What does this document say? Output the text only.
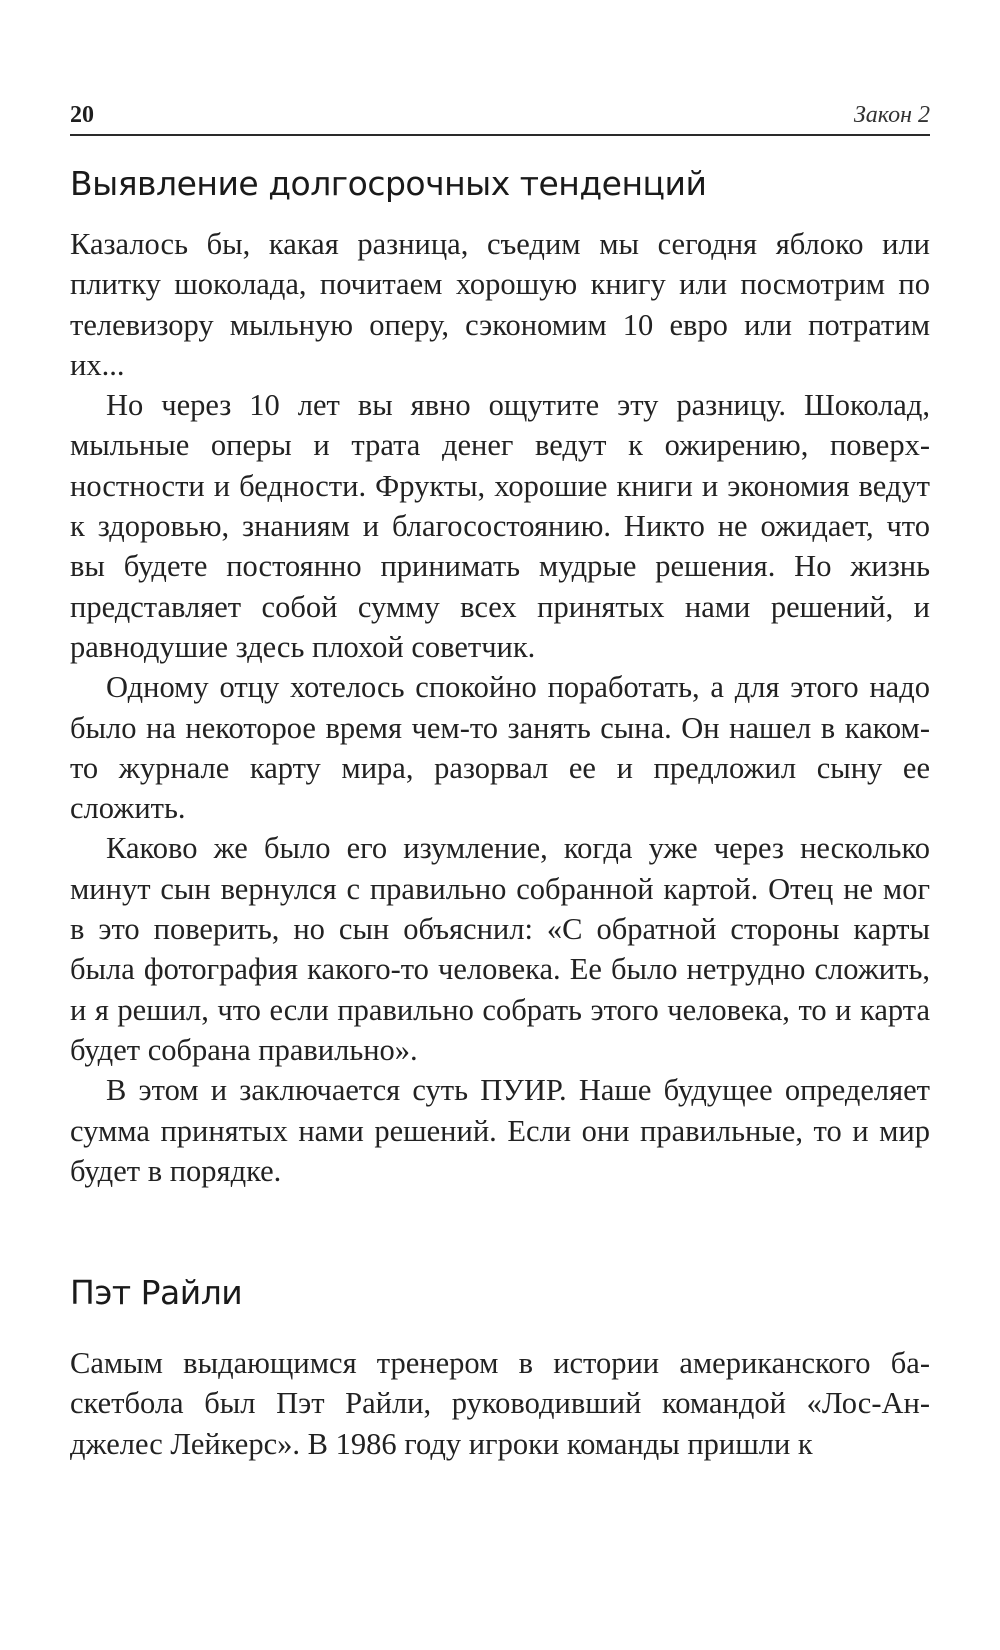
20	Закон 2
Выявление долгосрочных тенденций

Казалось бы, какая разница, съедим мы сегодня яблоко или плитку шоколада, почитаем хорошую книгу или посмотрим по телевизору мыльную оперу, сэкономим 10 евро или потратим их...

Но через 10 лет вы явно ощутите эту разницу. Шоколад, мыльные оперы и трата денег ведут к ожирению, поверхностности и бедности. Фрукты, хорошие книги и экономия ведут к здоровью, знаниям и благосостоянию. Никто не ожидает, что вы будете постоянно принимать мудрые решения. Но жизнь представляет собой сумму всех принятых нами решений, и равнодушие здесь плохой советчик.

Одному отцу хотелось спокойно поработать, а для этого надо было на некоторое время чем-то занять сына. Он нашел в каком-то журнале карту мира, разорвал ее и предложил сыну ее сложить.

Каково же было его изумление, когда уже через несколько минут сын вернулся с правильно собранной картой. Отец не мог в это поверить, но сын объяснил: «С обратной стороны карты была фотография какого-то человека. Ее было нетрудно сложить, и я решил, что если правильно собрать этого человека, то и карта будет собрана правильно».

В этом и заключается суть ПУИР. Наше будущее определяет сумма принятых нами решений. Если они правильные, то и мир будет в порядке.

Пэт Райли

Самым выдающимся тренером в истории американского баскетбола был Пэт Райли, руководивший командой «Лос-Анджелес Лейкерс». В 1986 году игроки команды пришли к
